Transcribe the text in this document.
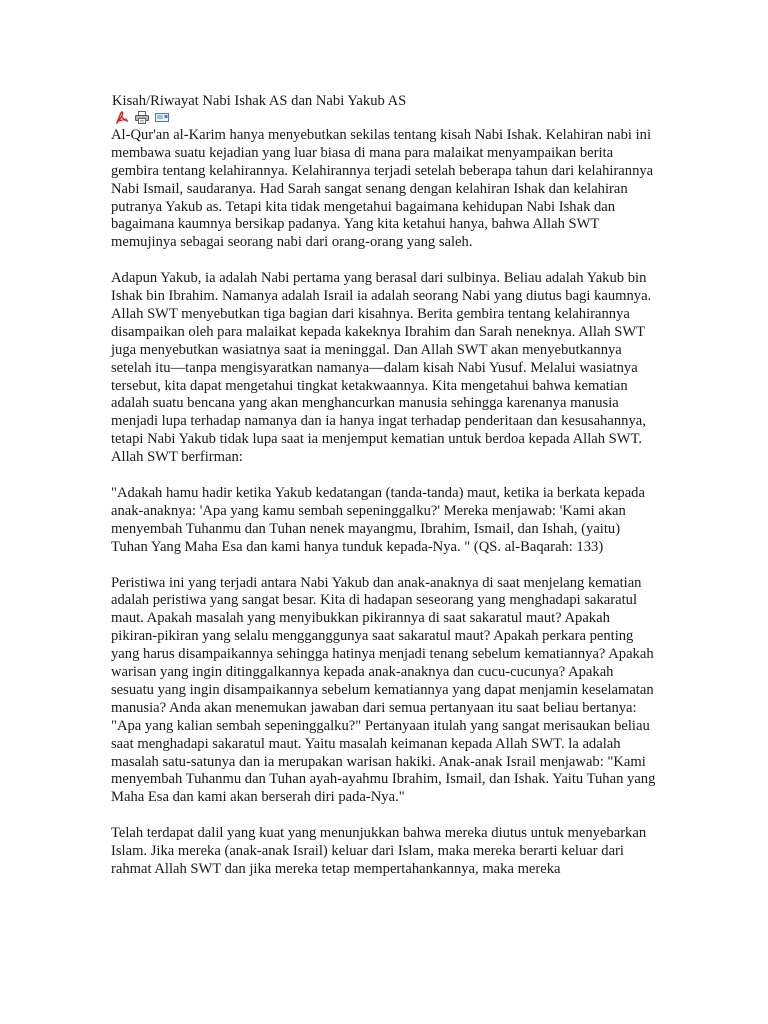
Kisah/Riwayat Nabi Ishak AS dan Nabi Yakub AS

Al-Qur'an al-Karim hanya menyebutkan sekilas tentang kisah Nabi Ishak. Kelahiran nabi ini membawa suatu kejadian yang luar biasa di mana para malaikat menyampaikan berita gembira tentang kelahirannya. Kelahirannya terjadi setelah beberapa tahun dari kelahirannya Nabi Ismail, saudaranya. Had Sarah sangat senang dengan kelahiran Ishak dan kelahiran putranya Yakub as. Tetapi kita tidak mengetahui bagaimana kehidupan Nabi Ishak dan bagaimana kaumnya bersikap padanya. Yang kita ketahui hanya, bahwa Allah SWT memujinya sebagai seorang nabi dari orang-orang yang saleh.

Adapun Yakub, ia adalah Nabi pertama yang berasal dari sulbinya. Beliau adalah Yakub bin Ishak bin Ibrahim. Namanya adalah Israil ia adalah seorang Nabi yang diutus bagi kaumnya. Allah SWT menyebutkan tiga bagian dari kisahnya. Berita gembira tentang kelahirannya disampaikan oleh para malaikat kepada kakeknya Ibrahim dan Sarah neneknya. Allah SWT juga menyebutkan wasiatnya saat ia meninggal. Dan Allah SWT akan menyebutkannya setelah itu—tanpa mengisyaratkan namanya—dalam kisah Nabi Yusuf. Melalui wasiatnya tersebut, kita dapat mengetahui tingkat ketakwaannya. Kita mengetahui bahwa kematian adalah suatu bencana yang akan menghancurkan manusia sehingga karenanya manusia menjadi lupa terhadap namanya dan ia hanya ingat terhadap penderitaan dan kesusahannya, tetapi Nabi Yakub tidak lupa saat ia menjemput kematian untuk berdoa kepada Allah SWT. Allah SWT berfirman:

"Adakah hamu hadir ketika Yakub kedatangan (tanda-tanda) maut, ketika ia berkata kepada anak-anaknya: 'Apa yang kamu sembah sepeninggalku?' Mereka menjawab: 'Kami akan menyembah Tuhanmu dan Tuhan nenek mayangmu, Ibrahim, Ismail, dan Ishah, (yaitu) Tuhan Yang Maha Esa dan kami hanya tunduk kepada-Nya. " (QS. al-Baqarah: 133)

Peristiwa ini yang terjadi antara Nabi Yakub dan anak-anaknya di saat menjelang kematian adalah peristiwa yang sangat besar. Kita di hadapan seseorang yang menghadapi sakaratul maut. Apakah masalah yang menyibukkan pikirannya di saat sakaratul maut? Apakah pikiran-pikiran yang selalu mengganggunya saat sakaratul maut? Apakah perkara penting yang harus disampaikannya sehingga hatinya menjadi tenang sebelum kematiannya? Apakah warisan yang ingin ditinggalkannya kepada anak-anaknya dan cucu-cucunya? Apakah sesuatu yang ingin disampaikannya sebelum kematiannya yang dapat menjamin keselamatan manusia? Anda akan menemukan jawaban dari semua pertanyaan itu saat beliau bertanya: "Apa yang kalian sembah sepeninggalku?" Pertanyaan itulah yang sangat merisaukan beliau saat menghadapi sakaratul maut. Yaitu masalah keimanan kepada Allah SWT. la adalah masalah satu-satunya dan ia merupakan warisan hakiki. Anak-anak Israil menjawab: "Kami menyembah Tuhanmu dan Tuhan ayah-ayahmu Ibrahim, Ismail, dan Ishak. Yaitu Tuhan yang Maha Esa dan kami akan berserah diri pada-Nya."

Telah terdapat dalil yang kuat yang menunjukkan bahwa mereka diutus untuk menyebarkan Islam. Jika mereka (anak-anak Israil) keluar dari Islam, maka mereka berarti keluar dari rahmat Allah SWT dan jika mereka tetap mempertahankannya, maka mereka
